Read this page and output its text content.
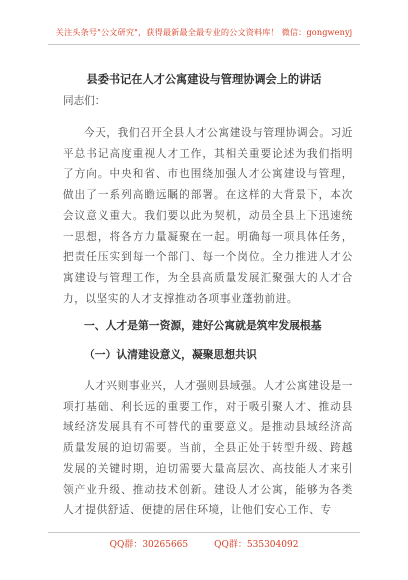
关注头条号"公文研究"，获得最新最全最专业的公文资料库！ 微信：gongwenyj
县委书记在人才公寓建设与管理协调会上的讲话
同志们：
今天，我们召开全县人才公寓建设与管理协调会。习近平总书记高度重视人才工作，其相关重要论述为我们指明了方向。中央和省、市也围绕加强人才公寓建设与管理，做出了一系列高瞻远瞩的部署。在这样的大背景下，本次会议意义重大。我们要以此为契机，动员全县上下迅速统一思想，将各方力量凝聚在一起。明确每一项具体任务，把责任压实到每一个部门、每一个岗位。全力推进人才公寓建设与管理工作，为全县高质量发展汇聚强大的人才合力，以坚实的人才支撑推动各项事业蓬勃前进。
一、人才是第一资源，建好公寓就是筑牢发展根基
（一）认清建设意义，凝聚思想共识
人才兴则事业兴，人才强则县域强。人才公寓建设是一项打基础、利长远的重要工作，对于吸引聚人才、推动县域经济发展具有不可替代的重要意义。是推动县域经济高质量发展的迫切需要。当前，全县正处于转型升级、跨越发展的关键时期，迫切需要大量高层次、高技能人才来引领产业升级、推动技术创新。建设人才公寓，能够为各类人才提供舒适、便捷的居住环境，让他们安心工作、专
QQ群：30265665	QQ群：535304092
